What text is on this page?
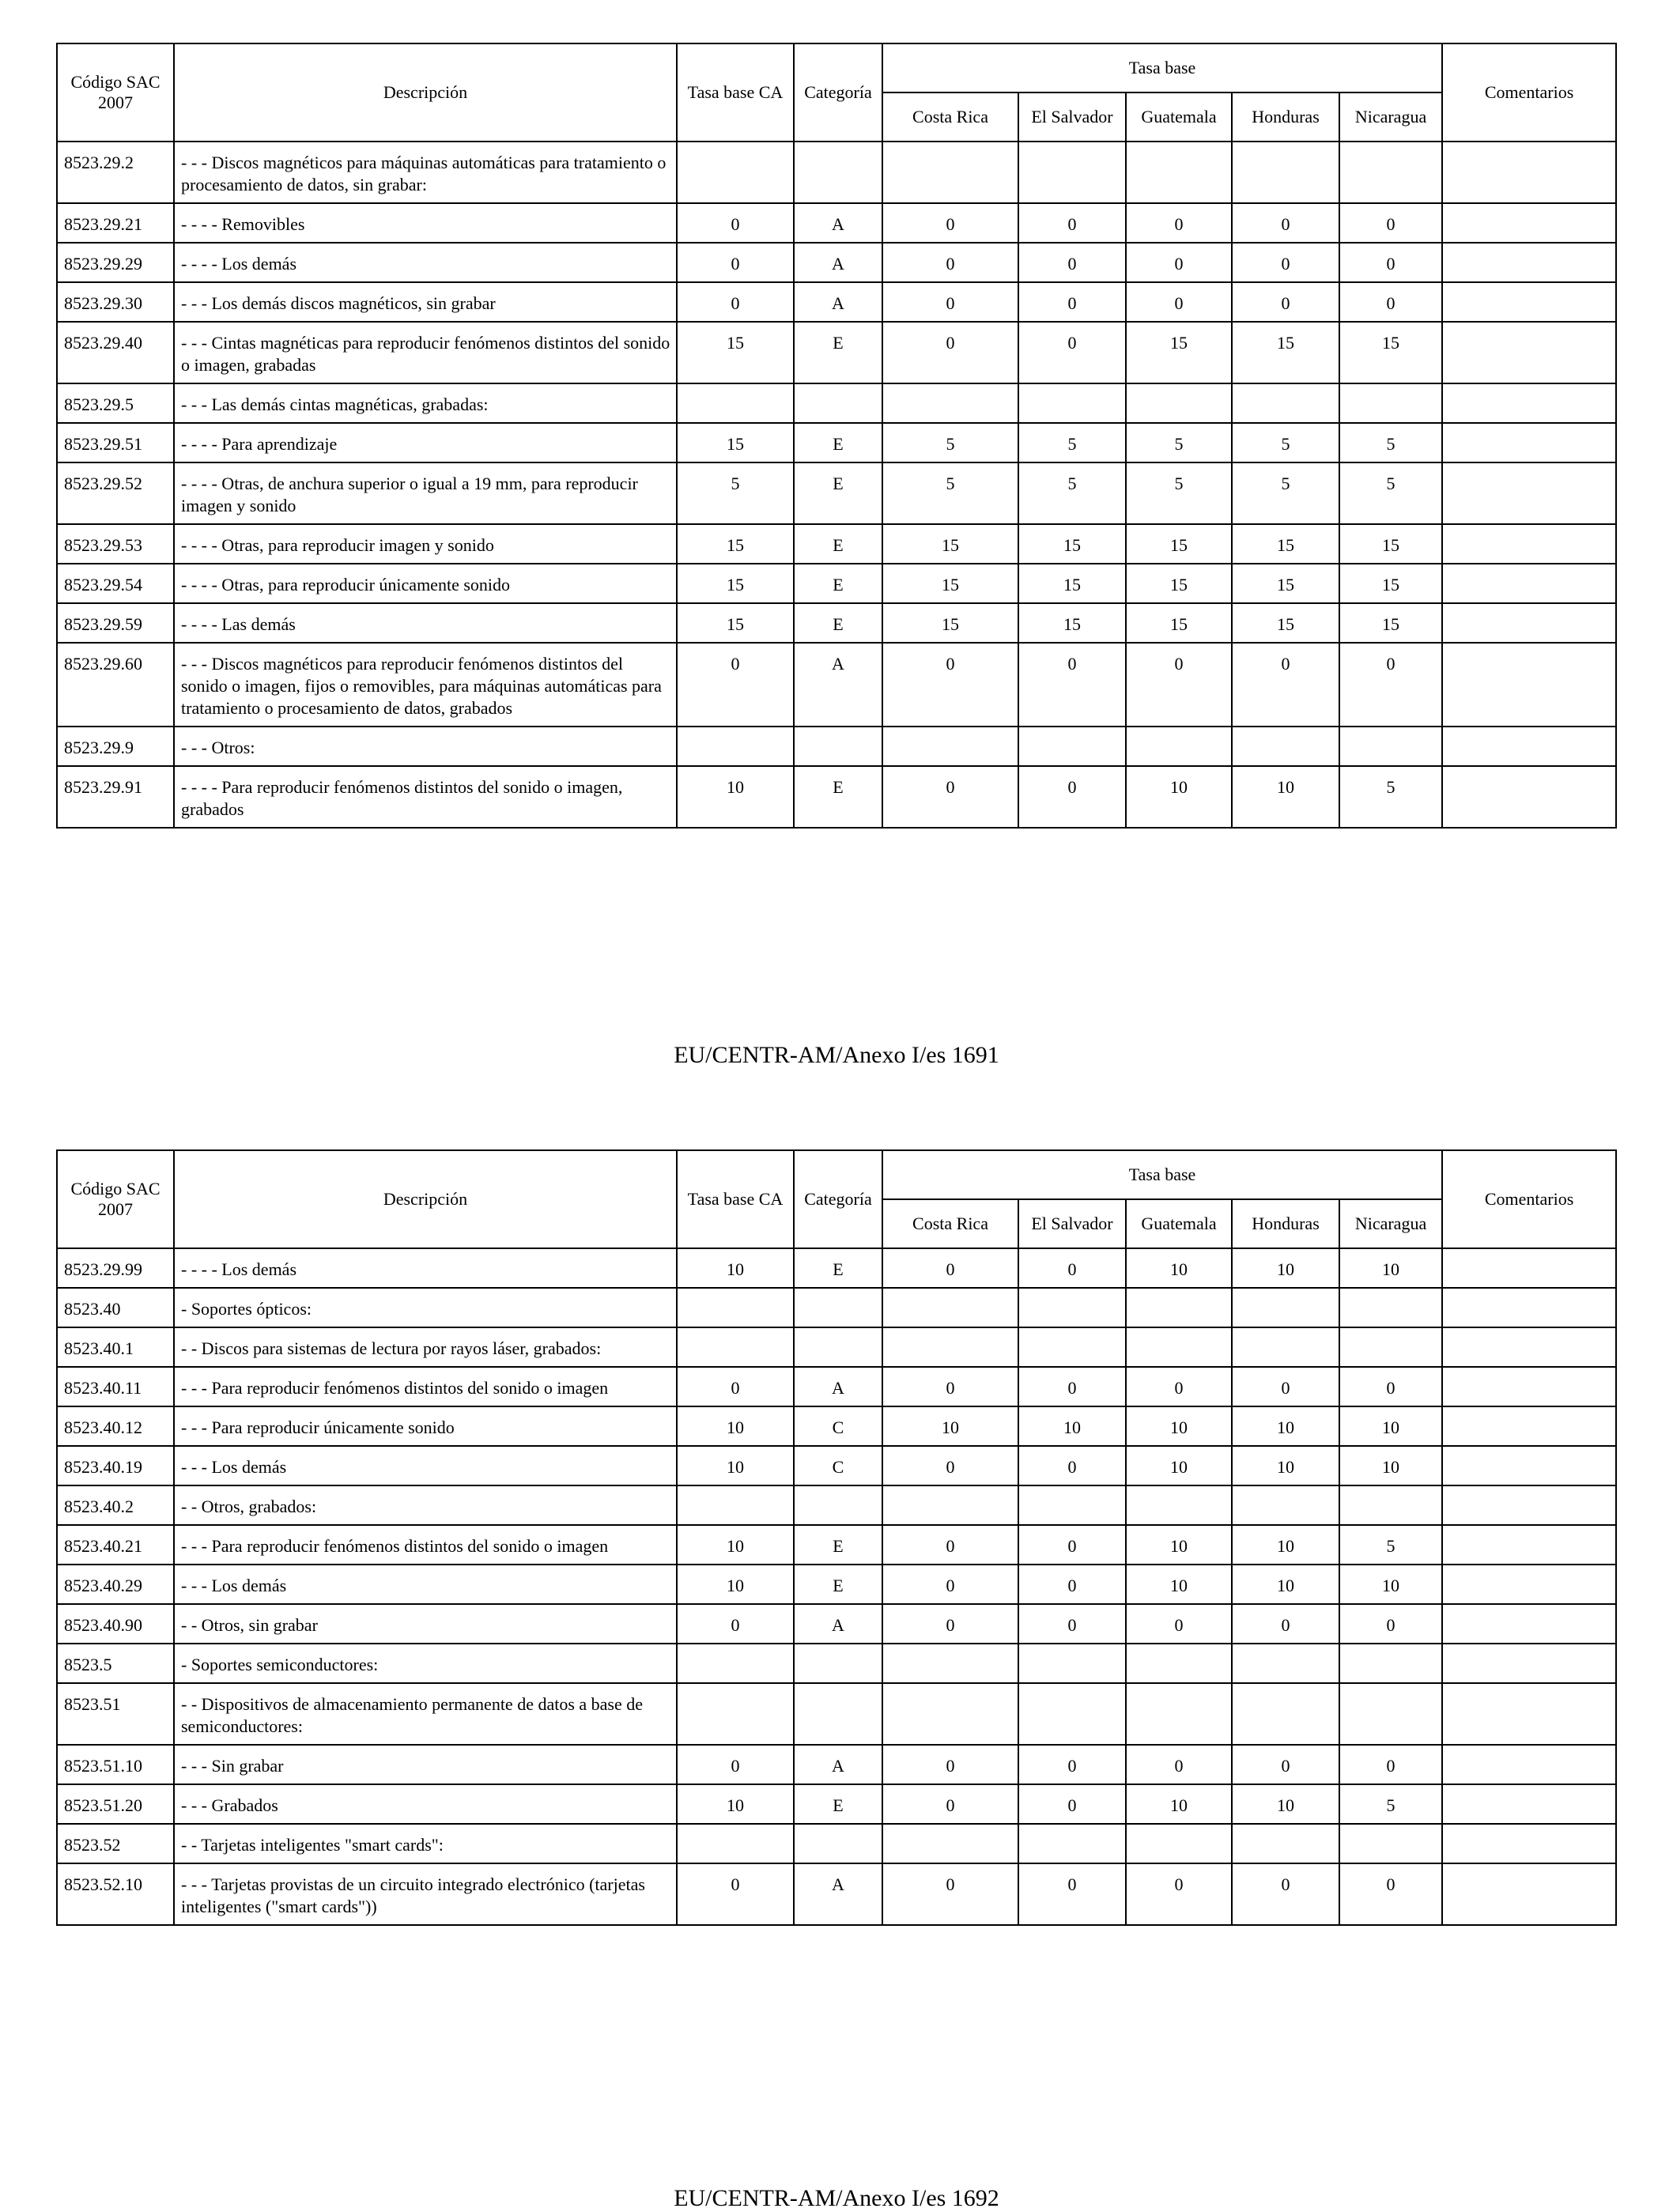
Código SAC 2007	Descripción	Tasa base CA	Categoría	Tasa base					Comentarios
				Costa Rica	El Salvador	Guatemala	Honduras	Nicaragua	
8523.29.2	- - - Discos magnéticos para máquinas automáticas para tratamiento o procesamiento de datos, sin grabar:								
8523.29.21	- - - - Removibles	0	A	0	0	0	0	0	
8523.29.29	- - - - Los demás	0	A	0	0	0	0	0	
8523.29.30	- - - Los demás discos magnéticos, sin grabar	0	A	0	0	0	0	0	
8523.29.40	- - - Cintas magnéticas para reproducir fenómenos distintos del sonido o imagen, grabadas	15	E	0	0	15	15	15	
8523.29.5	- - - Las demás cintas magnéticas, grabadas:								
8523.29.51	- - - - Para aprendizaje	15	E	5	5	5	5	5	
8523.29.52	- - - - Otras, de anchura superior o igual a 19 mm, para reproducir imagen y sonido	5	E	5	5	5	5	5	
8523.29.53	- - - - Otras, para reproducir imagen y sonido	15	E	15	15	15	15	15	
8523.29.54	- - - - Otras, para reproducir únicamente sonido	15	E	15	15	15	15	15	
8523.29.59	- - - - Las demás	15	E	15	15	15	15	15	
8523.29.60	- - - Discos magnéticos para reproducir fenómenos distintos del sonido o imagen, fijos o removibles, para máquinas automáticas para tratamiento o procesamiento de datos, grabados	0	A	0	0	0	0	0	
8523.29.9	- - - Otros:								
8523.29.91	- - - - Para reproducir fenómenos distintos del sonido o imagen, grabados	10	E	0	0	10	10	5	
EU/CENTR-AM/Anexo I/es 1691
Código SAC 2007	Descripción	Tasa base CA	Categoría	Tasa base					Comentarios
				Costa Rica	El Salvador	Guatemala	Honduras	Nicaragua	
8523.29.99	- - - - Los demás	10	E	0	0	10	10	10	
8523.40	- Soportes ópticos:								
8523.40.1	- - Discos para sistemas de lectura por rayos láser, grabados:								
8523.40.11	- - - Para reproducir fenómenos distintos del sonido o imagen	0	A	0	0	0	0	0	
8523.40.12	- - - Para reproducir únicamente sonido	10	C	10	10	10	10	10	
8523.40.19	- - - Los demás	10	C	0	0	10	10	10	
8523.40.2	- - Otros, grabados:								
8523.40.21	- - - Para reproducir fenómenos distintos del sonido o imagen	10	E	0	0	10	10	5	
8523.40.29	- - - Los demás	10	E	0	0	10	10	10	
8523.40.90	- - Otros, sin grabar	0	A	0	0	0	0	0	
8523.5	- Soportes semiconductores:								
8523.51	- - Dispositivos de almacenamiento permanente de datos a base de semiconductores:								
8523.51.10	- - - Sin grabar	0	A	0	0	0	0	0	
8523.51.20	- - - Grabados	10	E	0	0	10	10	5	
8523.52	- - Tarjetas inteligentes "smart cards":								
8523.52.10	- - - Tarjetas provistas de un circuito integrado electrónico (tarjetas inteligentes ("smart cards"))	0	A	0	0	0	0	0	
EU/CENTR-AM/Anexo I/es 1692
